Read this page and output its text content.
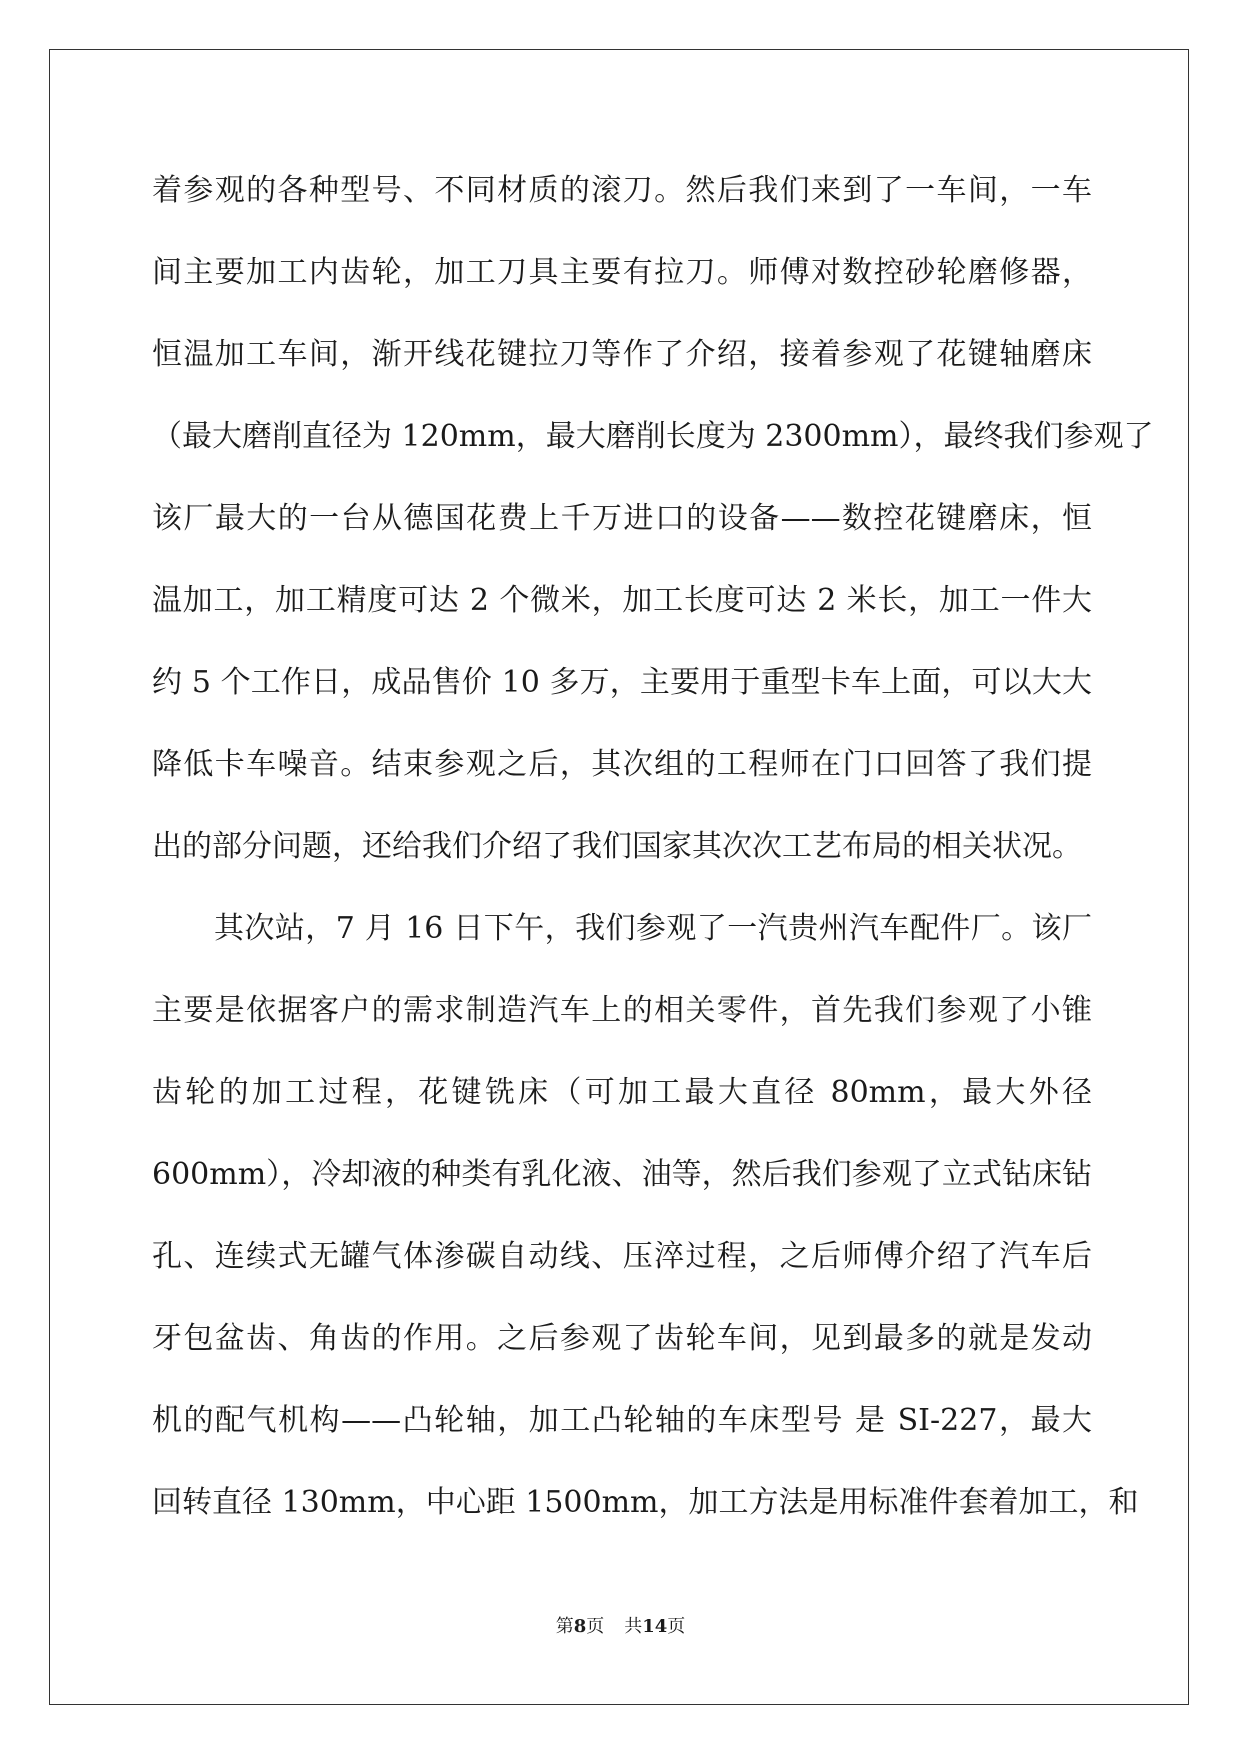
着参观的各种型号、不同材质的滚刀。然后我们来到了一车间，一车
间主要加工内齿轮，加工刀具主要有拉刀。师傅对数控砂轮磨修器，
恒温加工车间，渐开线花键拉刀等作了介绍，接着参观了花键轴磨床
（最大磨削直径为 120mm，最大磨削长度为 2300mm），最终我们参观了
该厂最大的一台从德国花费上千万进口的设备——数控花键磨床，恒
温加工，加工精度可达 2 个微米，加工长度可达 2 米长，加工一件大
约 5 个工作日，成品售价 10 多万，主要用于重型卡车上面，可以大大
降低卡车噪音。结束参观之后，其次组的工程师在门口回答了我们提
出的部分问题，还给我们介绍了我们国家其次次工艺布局的相关状况。
其次站，7 月 16 日下午，我们参观了一汽贵州汽车配件厂。该厂
主要是依据客户的需求制造汽车上的相关零件，首先我们参观了小锥
齿轮的加工过程，花键铣床（可加工最大直径 80mm，最大外径
600mm），冷却液的种类有乳化液、油等，然后我们参观了立式钻床钻
孔、连续式无罐气体渗碳自动线、压淬过程，之后师傅介绍了汽车后
牙包盆齿、角齿的作用。之后参观了齿轮车间，见到最多的就是发动
机的配气机构——凸轮轴，加工凸轮轴的车床型号 是 SI-227，最大
回转直径 130mm，中心距 1500mm，加工方法是用标准件套着加工，和
第8页 共14页
